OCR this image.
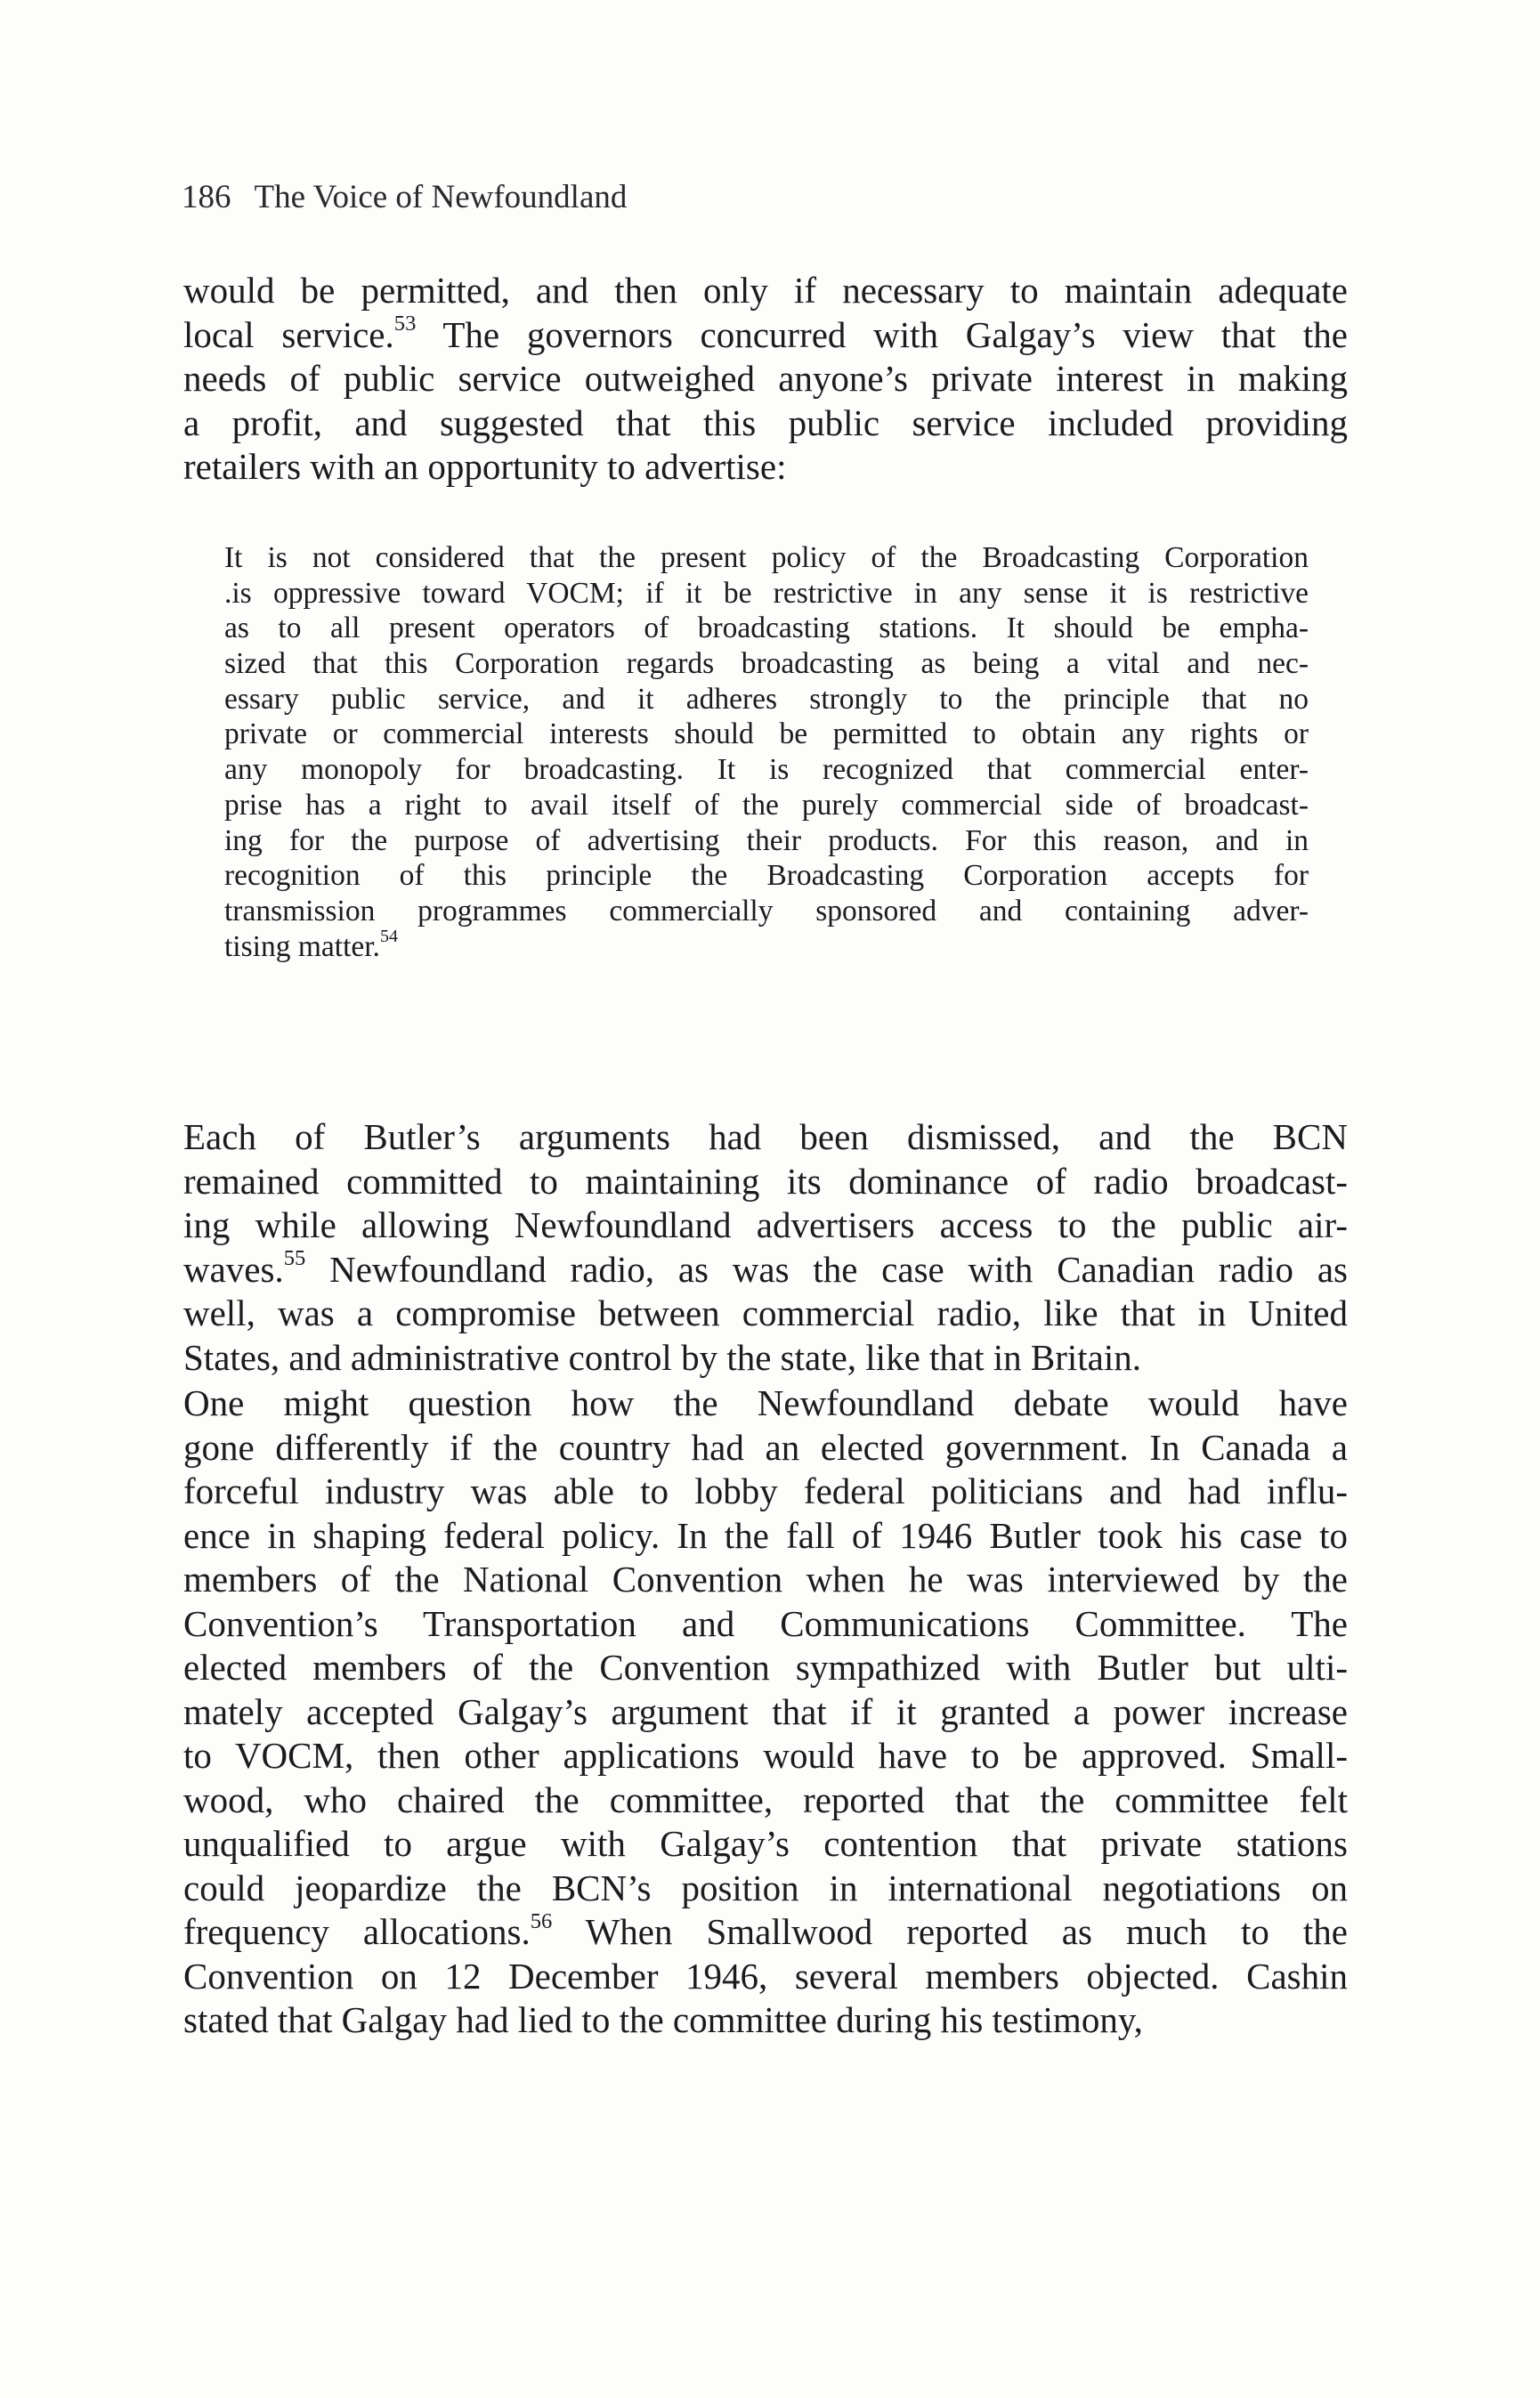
186 The Voice of Newfoundland
would be permitted, and then only if necessary to maintain adequate
local service.$^{53}$ The governors concurred with Galgay’s view that the
needs of public service outweighed anyone’s private interest in making
a profit, and suggested that this public service included providing
retailers with an opportunity to advertise:
It is not considered that the present policy of the Broadcasting Corporation
.is oppressive toward VOCM; if it be restrictive in any sense it is restrictive
as to all present operators of broadcasting stations. It should be empha-
sized that this Corporation regards broadcasting as being a vital and nec-
essary public service, and it adheres strongly to the principle that no
private or commercial interests should be permitted to obtain any rights or
any monopoly for broadcasting. It is recognized that commercial enter-
prise has a right to avail itself of the purely commercial side of broadcast-
ing for the purpose of advertising their products. For this reason, and in
recognition of this principle the Broadcasting Corporation accepts for
transmission programmes commercially sponsored and containing adver-
tising matter.$^{54}$
Each of Butler’s arguments had been dismissed, and the BCN
remained committed to maintaining its dominance of radio broadcast-
ing while allowing Newfoundland advertisers access to the public air-
waves.$^{55}$ Newfoundland radio, as was the case with Canadian radio as
well, was a compromise between commercial radio, like that in United
States, and administrative control by the state, like that in Britain.
One might question how the Newfoundland debate would have
gone differently if the country had an elected government. In Canada a
forceful industry was able to lobby federal politicians and had influ-
ence in shaping federal policy. In the fall of 1946 Butler took his case to
members of the National Convention when he was interviewed by the
Convention’s Transportation and Communications Committee. The
elected members of the Convention sympathized with Butler but ulti-
mately accepted Galgay’s argument that if it granted a power increase
to VOCM, then other applications would have to be approved. Small-
wood, who chaired the committee, reported that the committee felt
unqualified to argue with Galgay’s contention that private stations
could jeopardize the BCN’s position in international negotiations on
frequency allocations.$^{56}$ When Smallwood reported as much to the
Convention on 12 December 1946, several members objected. Cashin
stated that Galgay had lied to the committee during his testimony,
